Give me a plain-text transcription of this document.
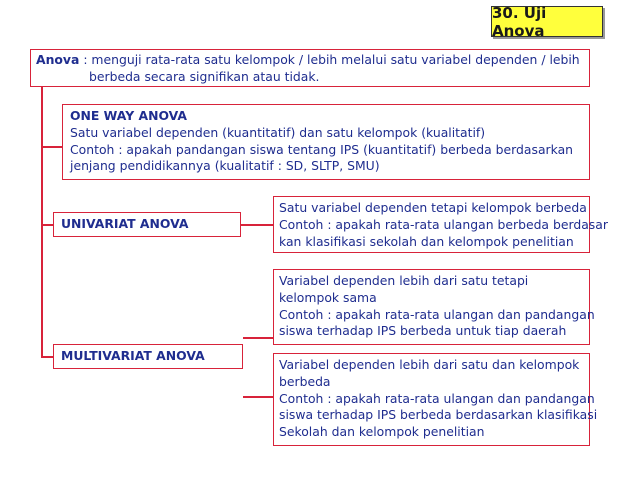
30. Uji Anova
Anova : menguji rata-rata satu kelompok / lebih melalui satu variabel dependen / lebih
berbeda secara signifikan atau tidak.
ONE WAY ANOVA
Satu variabel dependen (kuantitatif) dan satu kelompok (kualitatif)
Contoh : apakah pandangan siswa tentang IPS (kuantitatif) berbeda berdasarkan
jenjang pendidikannya (kualitatif : SD, SLTP, SMU)
UNIVARIAT ANOVA
Satu variabel dependen tetapi kelompok berbeda
Contoh : apakah rata-rata ulangan berbeda berdasar
kan klasifikasi sekolah dan kelompok penelitian
MULTIVARIAT ANOVA
Variabel dependen lebih dari satu tetapi
kelompok sama
Contoh : apakah rata-rata ulangan dan pandangan
siswa terhadap IPS berbeda untuk tiap daerah
Variabel dependen lebih dari satu dan kelompok
berbeda
Contoh : apakah rata-rata ulangan dan pandangan
siswa terhadap IPS berbeda berdasarkan klasifikasi
Sekolah dan kelompok penelitian
